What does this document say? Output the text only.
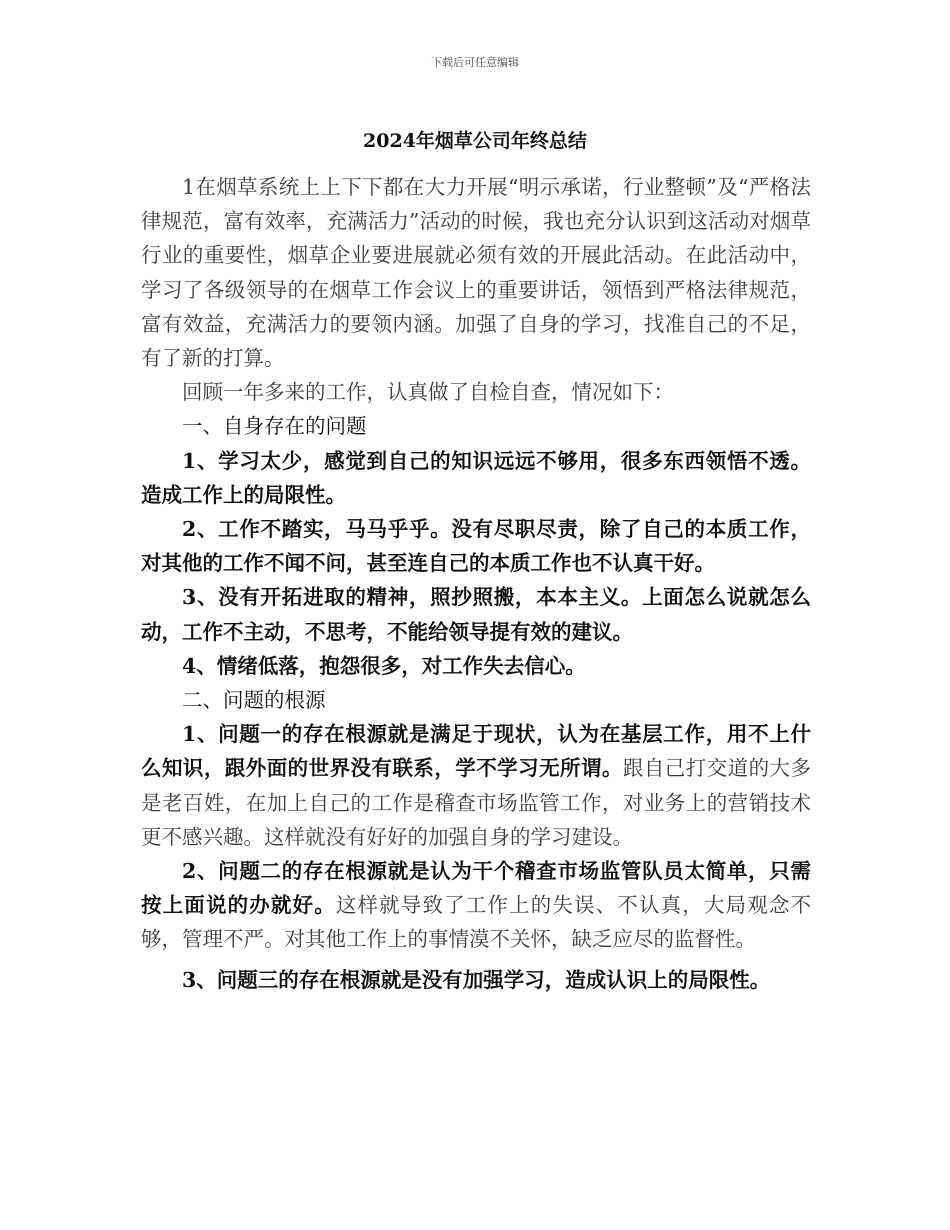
下载后可任意编辑
2024年烟草公司年终总结

1在烟草系统上上下下都在大力开展“明示承诺，行业整顿”及“严格法律规范，富有效率，充满活力”活动的时候，我也充分认识到这活动对烟草行业的重要性，烟草企业要进展就必须有效的开展此活动。在此活动中，学习了各级领导的在烟草工作会议上的重要讲话，领悟到严格法律规范，富有效益，充满活力的要领内涵。加强了自身的学习，找准自己的不足，有了新的打算。

回顾一年多来的工作，认真做了自检自查，情况如下：

一、自身存在的问题

1、学习太少，感觉到自己的知识远远不够用，很多东西领悟不透。造成工作上的局限性。

2、工作不踏实，马马乎乎。没有尽职尽责，除了自己的本质工作，对其他的工作不闻不问，甚至连自己的本质工作也不认真干好。

3、没有开拓进取的精神，照抄照搬，本本主义。上面怎么说就怎么动，工作不主动，不思考，不能给领导提有效的建议。

4、情绪低落，抱怨很多，对工作失去信心。

二、问题的根源

1、问题一的存在根源就是满足于现状，认为在基层工作，用不上什么知识，跟外面的世界没有联系，学不学习无所谓。跟自己打交道的大多是老百姓，在加上自己的工作是稽查市场监管工作，对业务上的营销技术更不感兴趣。这样就没有好好的加强自身的学习建设。

2、问题二的存在根源就是认为干个稽查市场监管队员太简单，只需按上面说的办就好。这样就导致了工作上的失误、不认真，大局观念不够，管理不严。对其他工作上的事情漠不关怀，缺乏应尽的监督性。

3、问题三的存在根源就是没有加强学习，造成认识上的局限性。
